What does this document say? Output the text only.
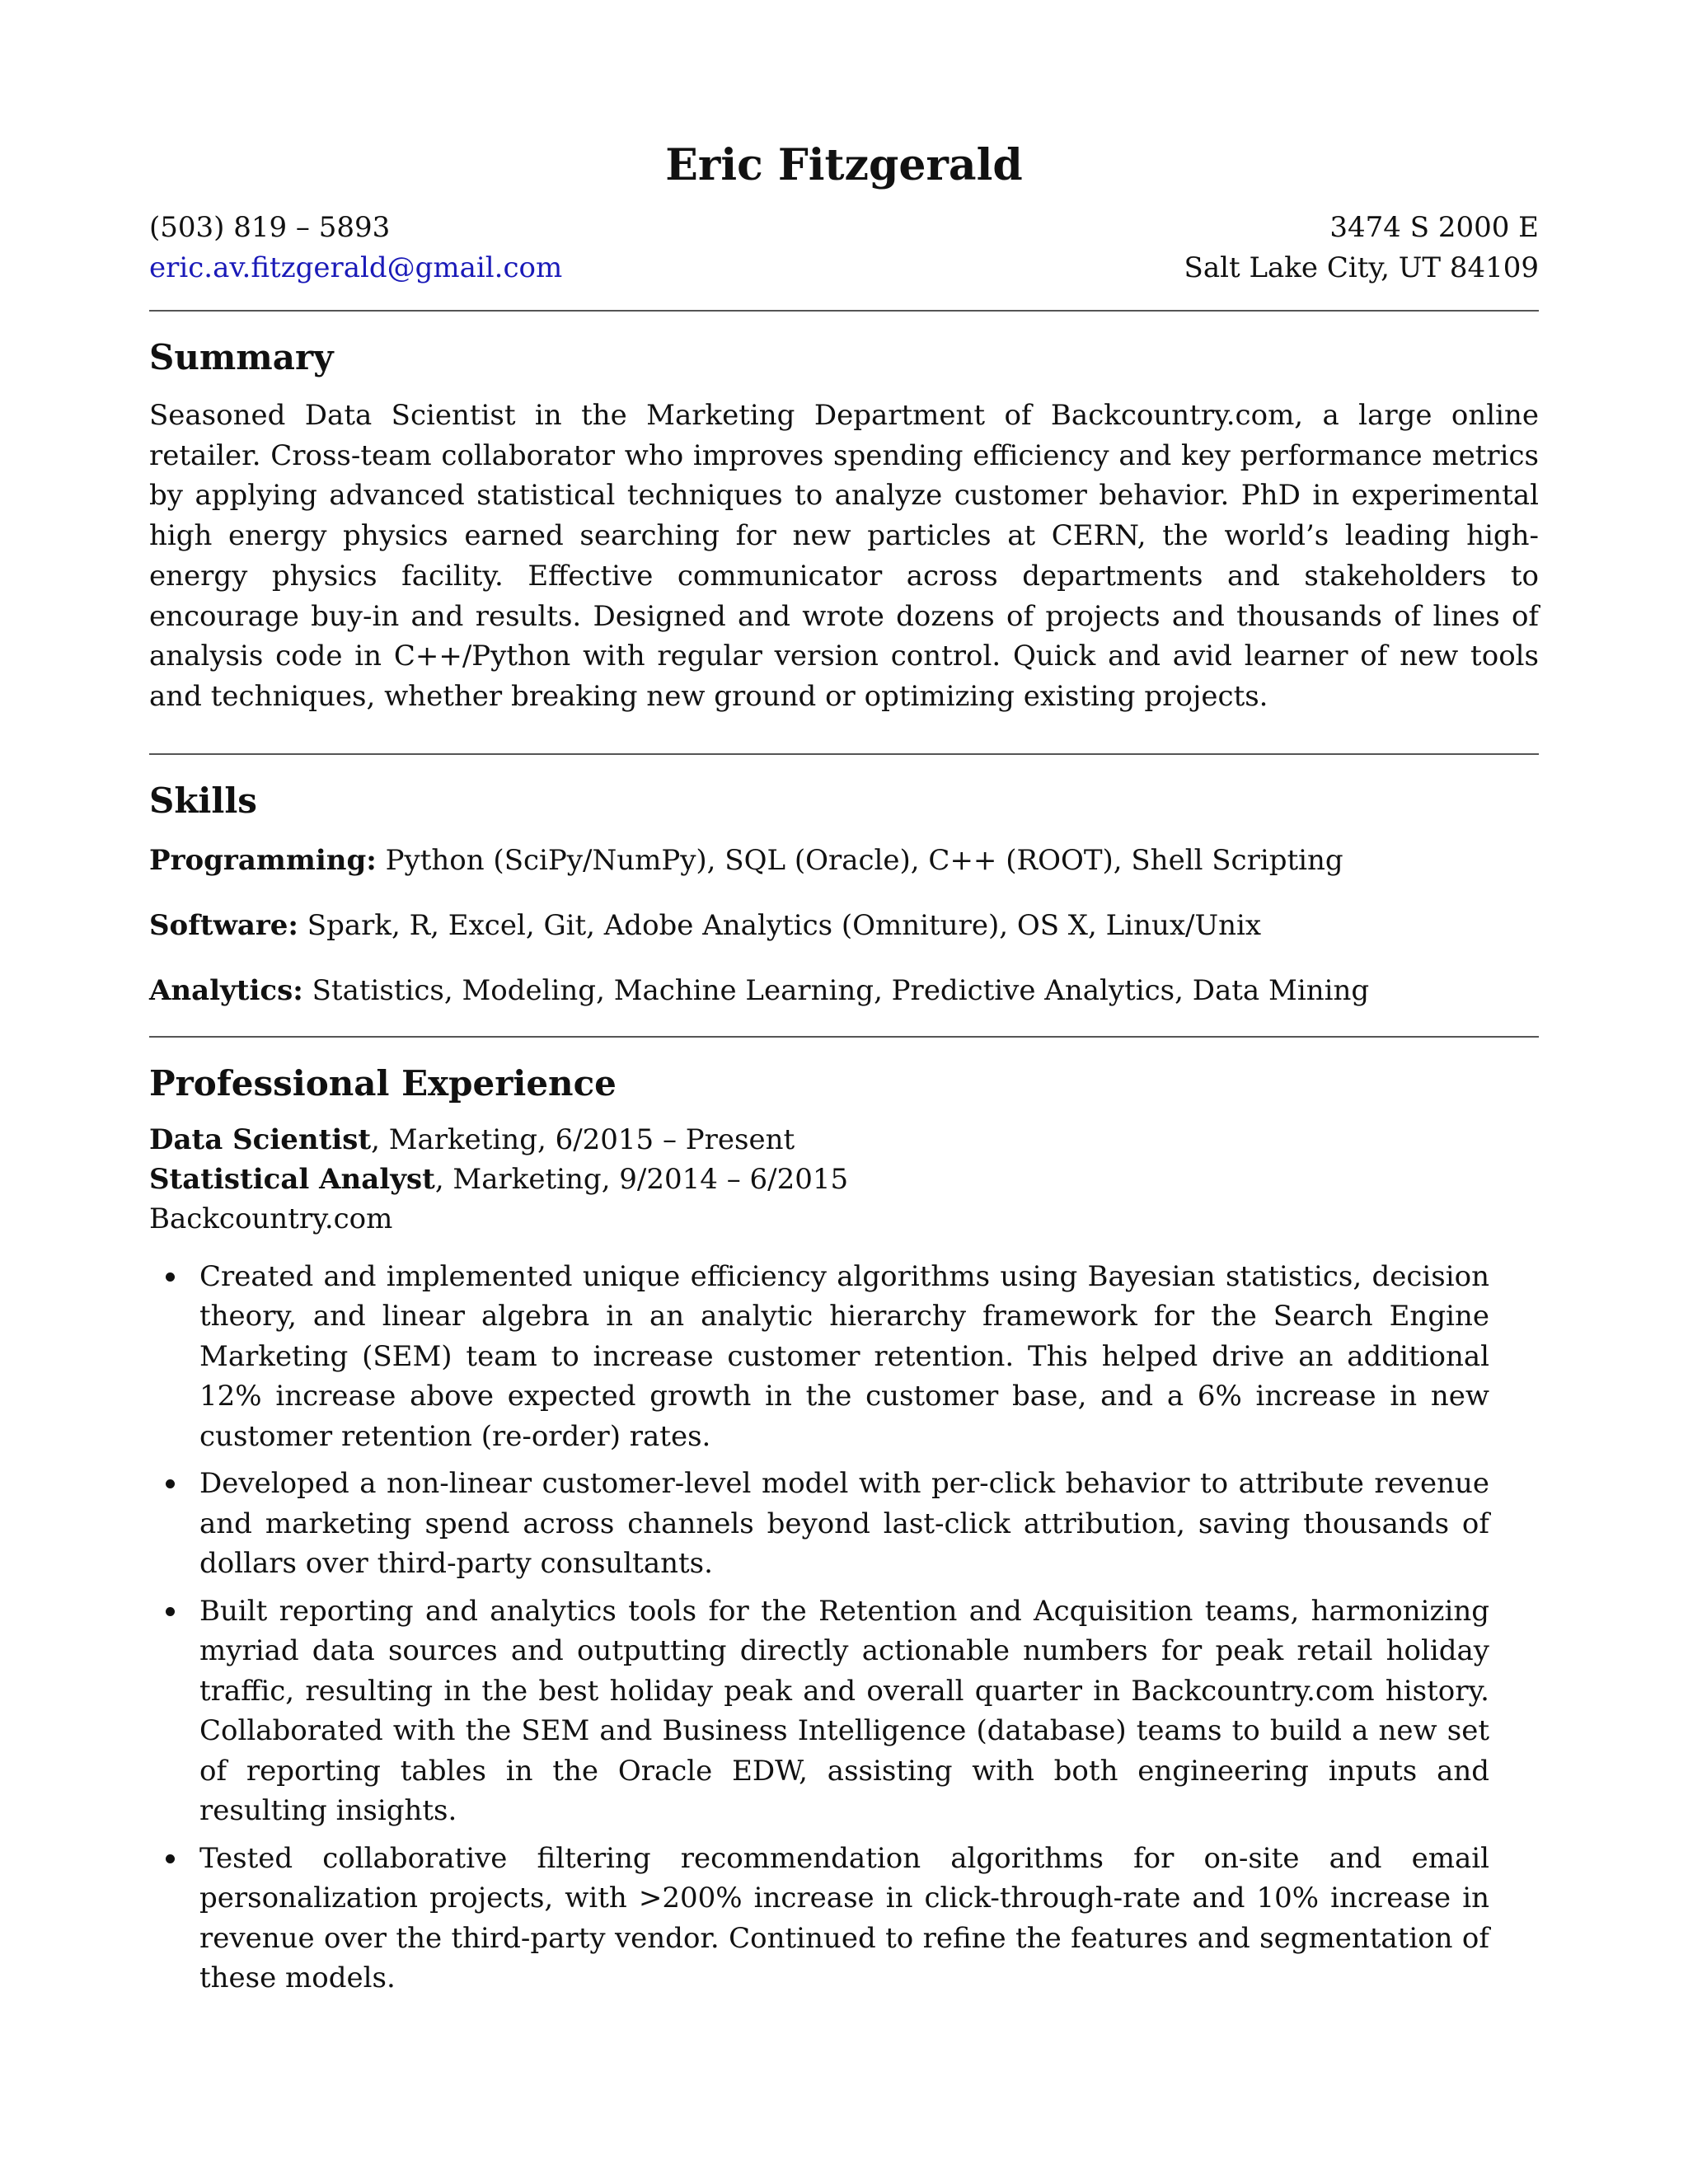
Eric Fitzgerald
(503) 819 – 5893
eric.av.fitzgerald@gmail.com
3474 S 2000 E
Salt Lake City, UT 84109
Summary

Seasoned Data Scientist in the Marketing Department of Backcountry.com, a large online retailer. Cross-team collaborator who improves spending efficiency and key performance metrics by applying advanced statistical techniques to analyze customer behavior. PhD in experimental high energy physics earned searching for new particles at CERN, the world’s leading high-energy physics facility. Effective communicator across departments and stakeholders to encourage buy-in and results. Designed and wrote dozens of projects and thousands of lines of analysis code in C++/Python with regular version control. Quick and avid learner of new tools and techniques, whether breaking new ground or optimizing existing projects.

Skills
Programming: Python (SciPy/NumPy), SQL (Oracle), C++ (ROOT), Shell Scripting
Software: Spark, R, Excel, Git, Adobe Analytics (Omniture), OS X, Linux/Unix
Analytics: Statistics, Modeling, Machine Learning, Predictive Analytics, Data Mining
Professional Experience
Data Scientist, Marketing, 6/2015 – Present
Statistical Analyst, Marketing, 9/2014 – 6/2015
Backcountry.com
Created and implemented unique efficiency algorithms using Bayesian statistics, decision theory, and linear algebra in an analytic hierarchy framework for the Search Engine Marketing (SEM) team to increase customer retention. This helped drive an additional 12% increase above expected growth in the customer base, and a 6% increase in new customer retention (re-order) rates.
Developed a non-linear customer-level model with per-click behavior to attribute revenue and marketing spend across channels beyond last-click attribution, saving thousands of dollars over third-party consultants.
Built reporting and analytics tools for the Retention and Acquisition teams, harmonizing myriad data sources and outputting directly actionable numbers for peak retail holiday traffic, resulting in the best holiday peak and overall quarter in Backcountry.com history. Collaborated with the SEM and Business Intelligence (database) teams to build a new set of reporting tables in the Oracle EDW, assisting with both engineering inputs and resulting insights.
Tested collaborative filtering recommendation algorithms for on-site and email personalization projects, with >200% increase in click-through-rate and 10% increase in revenue over the third-party vendor. Continued to refine the features and segmentation of these models.
